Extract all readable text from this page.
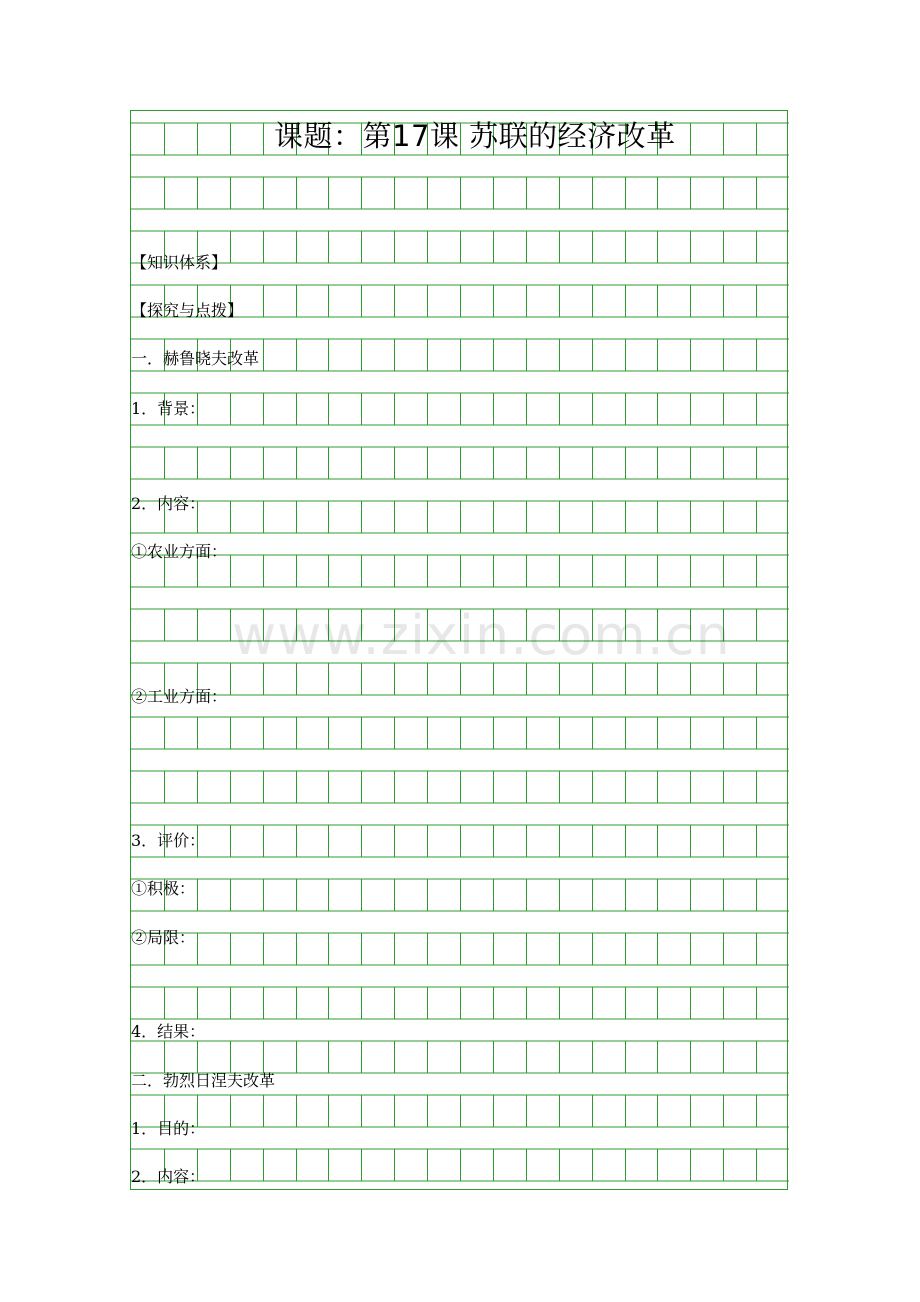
课题：第17课 苏联的经济改革
【知识体系】
【探究与点拨】
一．赫鲁晓夫改革
1．背景：
2．内容：
①农业方面：
②工业方面：
3．评价：
①积极：
②局限：
4．结果：
二．勃烈日涅夫改革
1．目的：
2．内容：
www.zixin.com.cn
